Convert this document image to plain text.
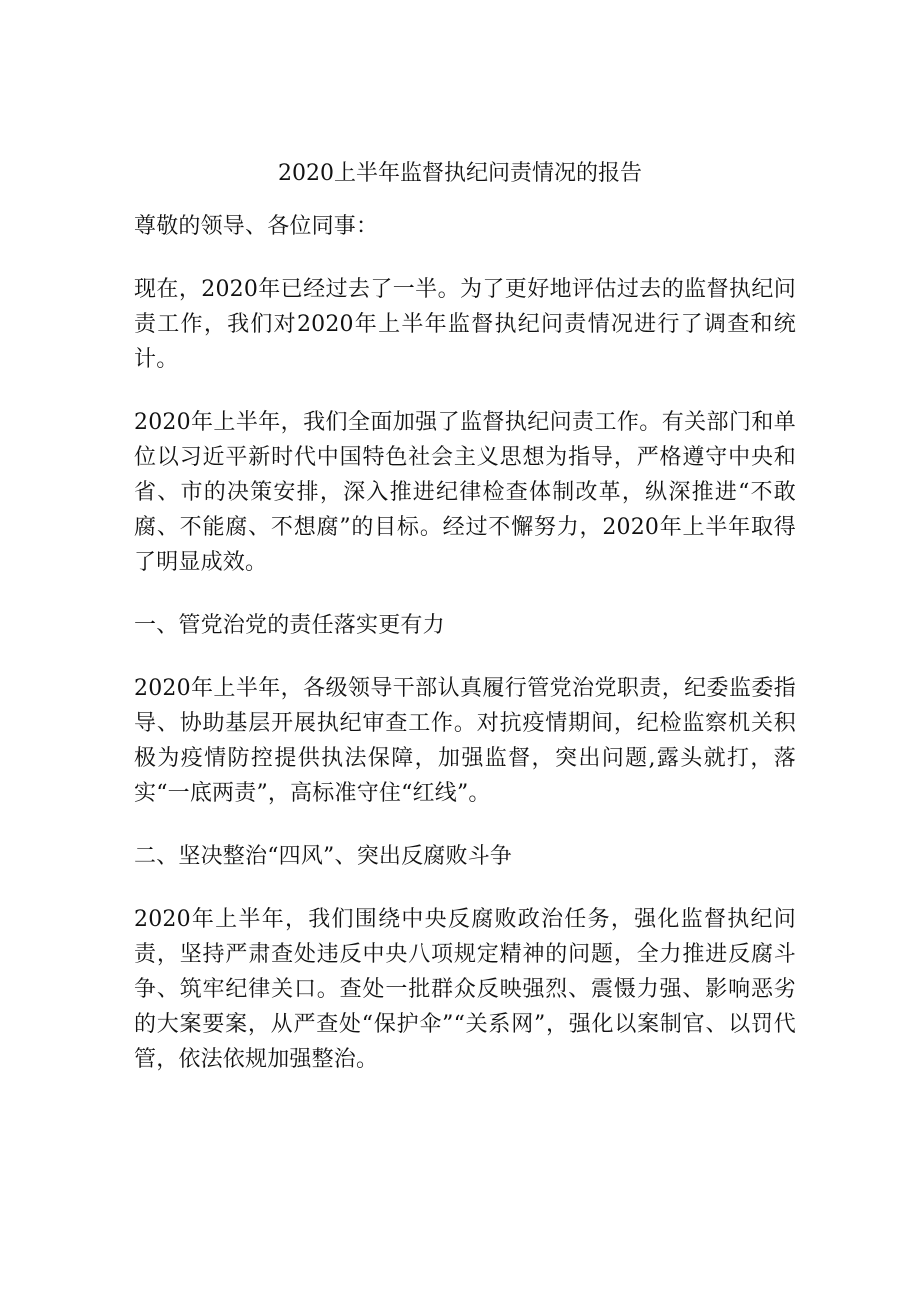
2020上半年监督执纪问责情况的报告

尊敬的领导、各位同事：

现在，2020年已经过去了一半。为了更好地评估过去的监督执纪问责工作，我们对2020年上半年监督执纪问责情况进行了调查和统计。

2020年上半年，我们全面加强了监督执纪问责工作。有关部门和单位以习近平新时代中国特色社会主义思想为指导，严格遵守中央和省、市的决策安排，深入推进纪律检查体制改革，纵深推进“不敢腐、不能腐、不想腐”的目标。经过不懈努力，2020年上半年取得了明显成效。

一、管党治党的责任落实更有力

2020年上半年，各级领导干部认真履行管党治党职责，纪委监委指导、协助基层开展执纪审查工作。对抗疫情期间，纪检监察机关积极为疫情防控提供执法保障，加强监督，突出问题,露头就打，落实“一底两责”，高标准守住“红线”。

二、坚决整治“四风”、突出反腐败斗争

2020年上半年，我们围绕中央反腐败政治任务，强化监督执纪问责，坚持严肃查处违反中央八项规定精神的问题，全力推进反腐斗争、筑牢纪律关口。查处一批群众反映强烈、震慑力强、影响恶劣的大案要案，从严查处“保护伞”“关系网”，强化以案制官、以罚代管，依法依规加强整治。
